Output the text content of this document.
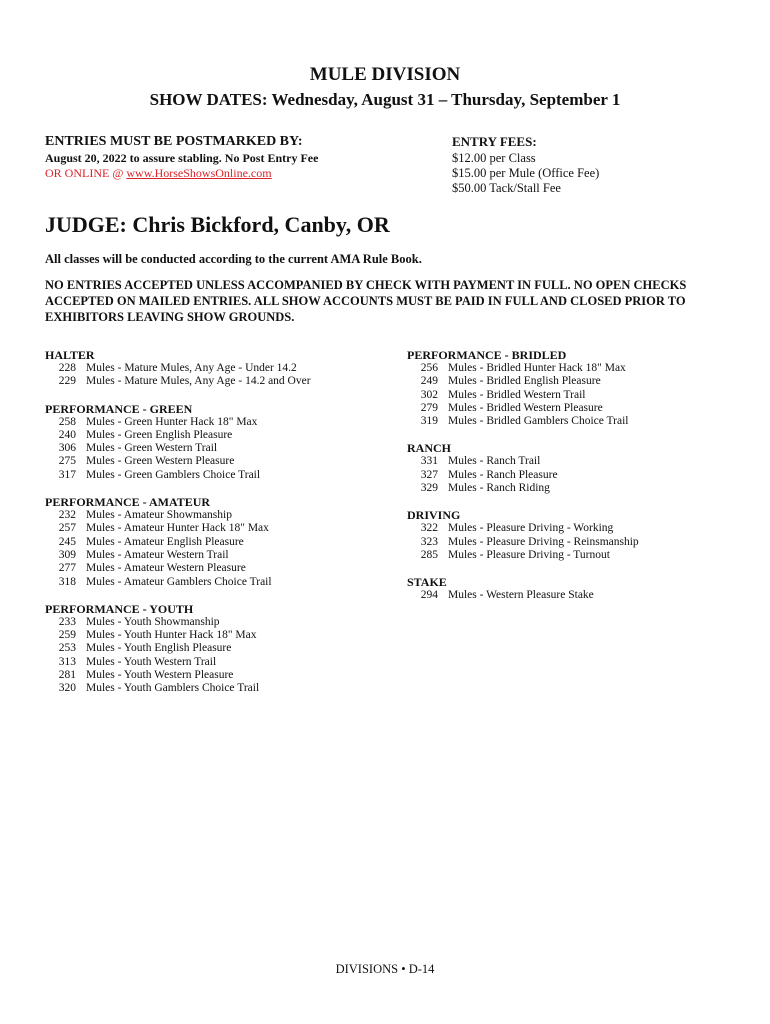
MULE DIVISION
SHOW DATES: Wednesday, August 31 – Thursday, September 1
ENTRIES MUST BE POSTMARKED BY:
August 20, 2022 to assure stabling. No Post Entry Fee
OR ONLINE @ www.HorseShowsOnline.com
ENTRY FEES:
$12.00 per Class
$15.00 per Mule (Office Fee)
$50.00 Tack/Stall Fee
JUDGE: Chris Bickford, Canby, OR
All classes will be conducted according to the current AMA Rule Book.
NO ENTRIES ACCEPTED UNLESS ACCOMPANIED BY CHECK WITH PAYMENT IN FULL. NO OPEN CHECKS ACCEPTED ON MAILED ENTRIES. ALL SHOW ACCOUNTS MUST BE PAID IN FULL AND CLOSED PRIOR TO EXHIBITORS LEAVING SHOW GROUNDS.
HALTER
228 Mules - Mature Mules, Any Age - Under 14.2
229 Mules - Mature Mules, Any Age - 14.2 and Over
PERFORMANCE - GREEN
258 Mules - Green Hunter Hack 18" Max
240 Mules - Green English Pleasure
306 Mules - Green Western Trail
275 Mules - Green Western Pleasure
317 Mules - Green Gamblers Choice Trail
PERFORMANCE - AMATEUR
232 Mules - Amateur Showmanship
257 Mules - Amateur Hunter Hack 18" Max
245 Mules - Amateur English Pleasure
309 Mules - Amateur Western Trail
277 Mules - Amateur Western Pleasure
318 Mules - Amateur Gamblers Choice Trail
PERFORMANCE - YOUTH
233 Mules - Youth Showmanship
259 Mules - Youth Hunter Hack 18" Max
253 Mules - Youth English Pleasure
313 Mules - Youth Western Trail
281 Mules - Youth Western Pleasure
320 Mules - Youth Gamblers Choice Trail
PERFORMANCE - BRIDLED
256 Mules - Bridled Hunter Hack 18" Max
249 Mules - Bridled English Pleasure
302 Mules - Bridled Western Trail
279 Mules - Bridled Western Pleasure
319 Mules - Bridled Gamblers Choice Trail
RANCH
331 Mules - Ranch Trail
327 Mules - Ranch Pleasure
329 Mules - Ranch Riding
DRIVING
322 Mules - Pleasure Driving - Working
323 Mules - Pleasure Driving - Reinsmanship
285 Mules - Pleasure Driving - Turnout
STAKE
294 Mules - Western Pleasure Stake
DIVISIONS • D-14
